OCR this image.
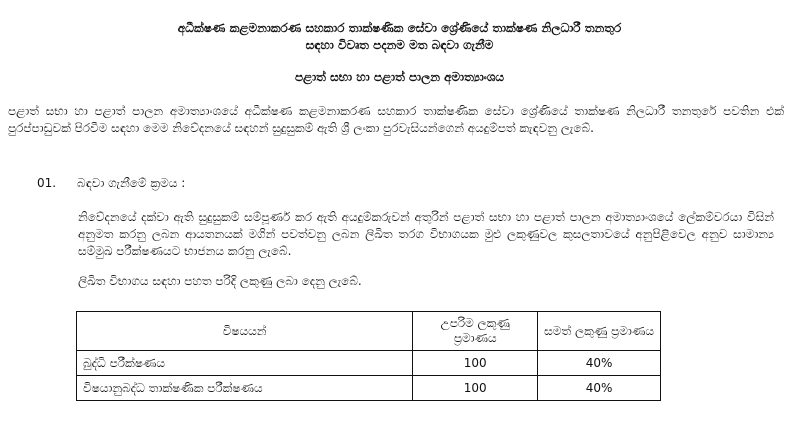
අධීක්ෂණ කළමනාකරණ සහකාර තාක්ෂණික සේවා ශ්‍රේණියේ තාක්ෂණ නිලධාරී තනතුර
සඳහා විවෘත පදනම මත බඳවා ගැනීම
පළාත් සභා හා පළාත් පාලන අමාත්‍යාංශය
පළාත් සභා හා පළාත් පාලන අමාත්‍යාංශයේ අධීක්ෂණ කළමනාකරණ සහකාර තාක්ෂණික සේවා ශ්‍රේණියේ තාක්ෂණ නිලධාරී තනතුරේ පවතින එක් පුරප්පාඩුවක් පිරවීම සඳහා මෙම නිවේදනයේ සඳහන් සුදුසුකම් ඇති ශ්‍රී ලංකා පුරවැසියන්ගෙන් අයදුම්පත් කැඳවනු ලැබේ.
01. බඳවා ගැනීමේ ක්‍රමය :
නිවේදනයේ දක්වා ඇති සුදුසුකම් සම්පූර්ණ කර ඇති අයදුම්කරුවන් අතුරින් පළාත් සභා හා පළාත් පාලන අමාත්‍යාංශයේ ලේකම්වරයා විසින් අනුමත කරනු ලබන ආයතනයක් මගින් පවත්වනු ලබන ලිඛිත තරග විභාගයක මුළු ලකුණුවල කුසලතාවයේ අනුපිළිවෙල අනුව සාමාන්‍ය සම්මුඛ පරීක්ෂණයට භාජනය කරනු ලැබේ.
ලිඛිත විභාගය සඳහා පහත පරිදි ලකුණු ලබා දෙනු ලැබේ.
විෂයයන්	උපරිම ලකුණු ප්‍රමාණය	සමත් ලකුණු ප්‍රමාණය
බුද්ධි පරීක්ෂණය	100	40%
විෂයානුබද්ධ තාක්ෂණික පරීක්ෂණය	100	40%
